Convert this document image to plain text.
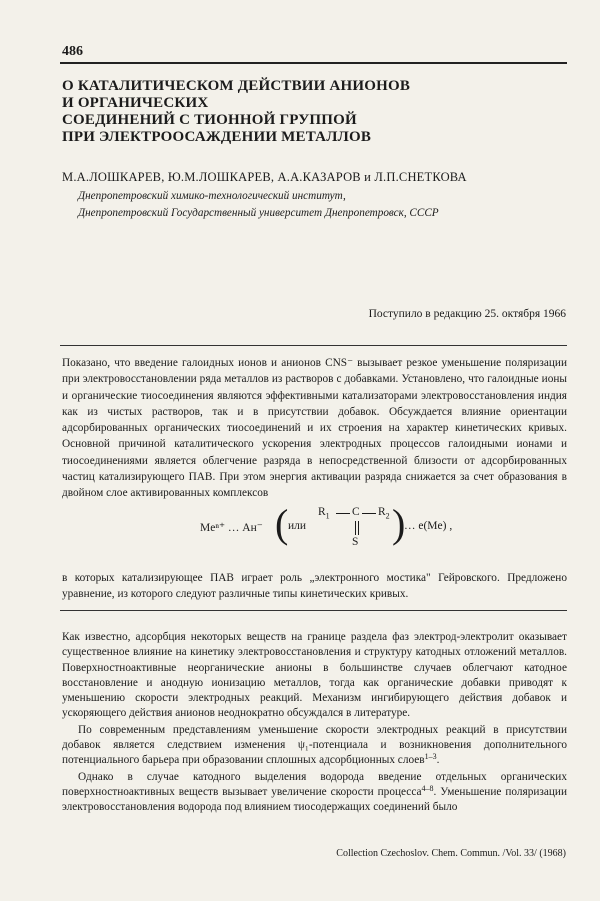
486
О КАТАЛИТИЧЕСКОМ ДЕЙСТВИИ АНИОНОВ
И ОРГАНИЧЕСКИХ
СОЕДИНЕНИЙ С ТИОННОЙ ГРУППОЙ
ПРИ ЭЛЕКТРООСАЖДЕНИИ МЕТАЛЛОВ
М.А.ЛОШКАРЕВ, Ю.М.ЛОШКАРЕВ, А.А.КАЗАРОВ и Л.П.СНЕТКОВА
Днепропетровский химико-технологический институт,
Днепропетровский Государственный университет Днепропетровск, СССР
Поступило в редакцию 25. октября 1966

Показано, что введение галоидных ионов и анионов CNS⁻ вызывает резкое уменьшение поляризации при электровосстановлении ряда металлов из растворов с добавками. Установлено, что галоидные ионы и органические тиосоединения являются эффективными катализаторами электровосстановления индия как из чистых растворов, так и в присутствии добавок. Обсуждается влияние ориентации адсорбированных органических тиосоединений и их строения на характер кинетических кривых. Основной причиной каталитического ускорения электродных процессов галоидными ионами и тиосоединениями является облегчение разряда в непосредственной близости от адсорбированных частиц катализирующего ПАВ. При этом энергия активации разряда снижается за счет образования в двойном слое активированных комплексов

Meⁿ⁺ … Ан⁻ ( или
$R_1$ C $R_2$
S )
… e(Me) ,
в которых катализирующее ПАВ играет роль „электронного мостика" Гейровского. Предложено уравнение, из которого следуют различные типы кинетических кривых.

Как известно, адсорбция некоторых веществ на границе раздела фаз электрод-электролит оказывает существенное влияние на кинетику электровосстановления и структуру катодных отложений металлов. Поверхностноактивные неорганические анионы в большинстве случаев облегчают катодное восстановление и анодную ионизацию металлов, тогда как органические добавки приводят к уменьшению скорости электродных реакций. Механизм ингибирующего действия добавок и ускоряющего действия анионов неоднократно обсуждался в литературе.

По современным представлениям уменьшение скорости электродных реакций в присутствии добавок является следствием изменения ψ₁-потенциала и возникновения дополнительного потенциального барьера при образовании сплошных адсорбционных слоев$^{1-3}$.

Однако в случае катодного выделения водорода введение отдельных органических поверхностноактивных веществ вызывает увеличение скорости процесса$^{4-8}$. Уменьшение поляризации электровосстановления водорода под влиянием тиосодержащих соединений было

Collection Czechoslov. Chem. Commun. /Vol. 33/ (1968)
